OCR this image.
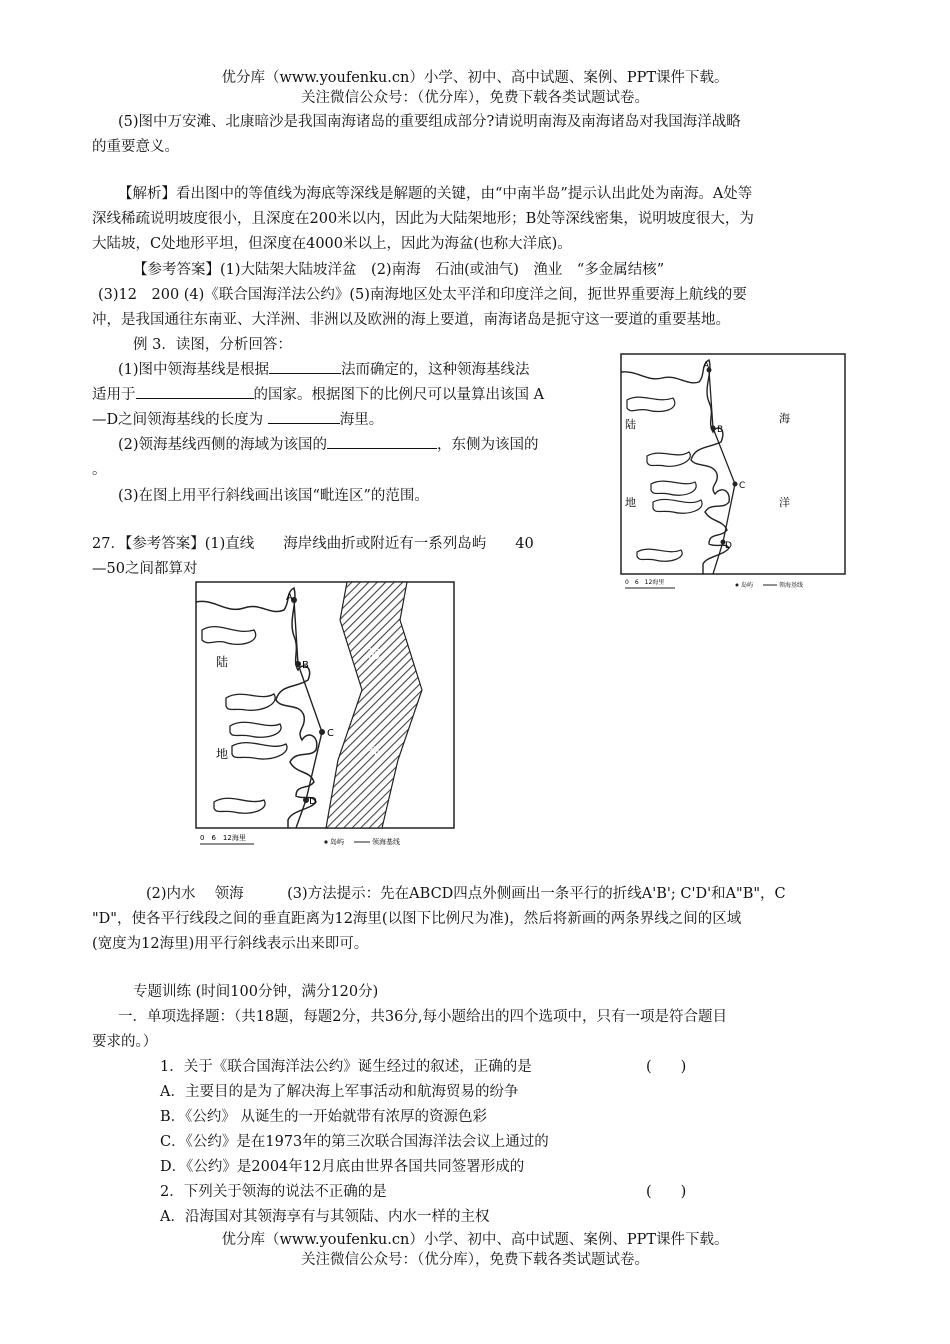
优分库（www.youfenku.cn）小学、初中、高中试题、案例、PPT课件下载。
关注微信公众号：（优分库），免费下载各类试题试卷。
(5)图中万安滩、北康暗沙是我国南海诸岛的重要组成部分?请说明南海及南海诸岛对我国海洋战略
的重要意义。
【解析】看出图中的等值线为海底等深线是解题的关键，由“中南半岛”提示认出此处为南海。A处等
深线稀疏说明坡度很小，且深度在200米以内，因此为大陆架地形；B处等深线密集，说明坡度很大，为
大陆坡，C处地形平坦，但深度在4000米以上，因此为海盆(也称大洋底)。
【参考答案】(1)大陆架大陆坡洋盆　(2)南海　石油(或油气)　渔业　“多金属结核”
(3)12　200 (4)《联合国海洋法公约》(5)南海地区处太平洋和印度洋之间，扼世界重要海上航线的要
冲，是我国通往东南亚、大洋洲、非洲以及欧洲的海上要道，南海诸岛是扼守这一要道的重要基地。
例 3．读图，分析回答：
(1)图中领海基线是根据	法而确定的，这种领海基线法
适用于	的国家。根据图下的比例尺可以量算出该国 A
—D之间领海基线的长度为	海里。
(2)领海基线西侧的海域为该国的	，东侧为该国的
。
(3)在图上用平行斜线画出该国“毗连区”的范围。
27．【参考答案】(1)直线　　海岸线曲折或附近有一系列岛屿　　40
—50之间都算对
A
B
C
D
陆
地
海
洋
0　6　12海里	岛屿	领海基线
A
B
C
D
陆
地
海
洋
0　6　12海里	岛屿	领海基线
(2)内水　 领海　　　(3)方法提示：先在ABCD四点外侧画出一条平行的折线A'B'; C'D'和A"B"，C
"D"，使各平行线段之间的垂直距离为12海里(以图下比例尺为准)，然后将新画的两条界线之间的区域
(宽度为12海里)用平行斜线表示出来即可。
专题训练 (时间100分钟，满分120分)
一．单项选择题：（共18题，每题2分，共36分,每小题给出的四个选项中，只有一项是符合题目
要求的。）
1．关于《联合国海洋法公约》诞生经过的叙述，正确的是	(　　)
A．主要目的是为了解决海上军事活动和航海贸易的纷争
B．《公约》 从诞生的一开始就带有浓厚的资源色彩
C．《公约》是在1973年的第三次联合国海洋法会议上通过的
D．《公约》是2004年12月底由世界各国共同签署形成的
2．下列关于领海的说法不正确的是	(　　)
A．沿海国对其领海享有与其领陆、内水一样的主权
优分库（www.youfenku.cn）小学、初中、高中试题、案例、PPT课件下载。
关注微信公众号：（优分库），免费下载各类试题试卷。
